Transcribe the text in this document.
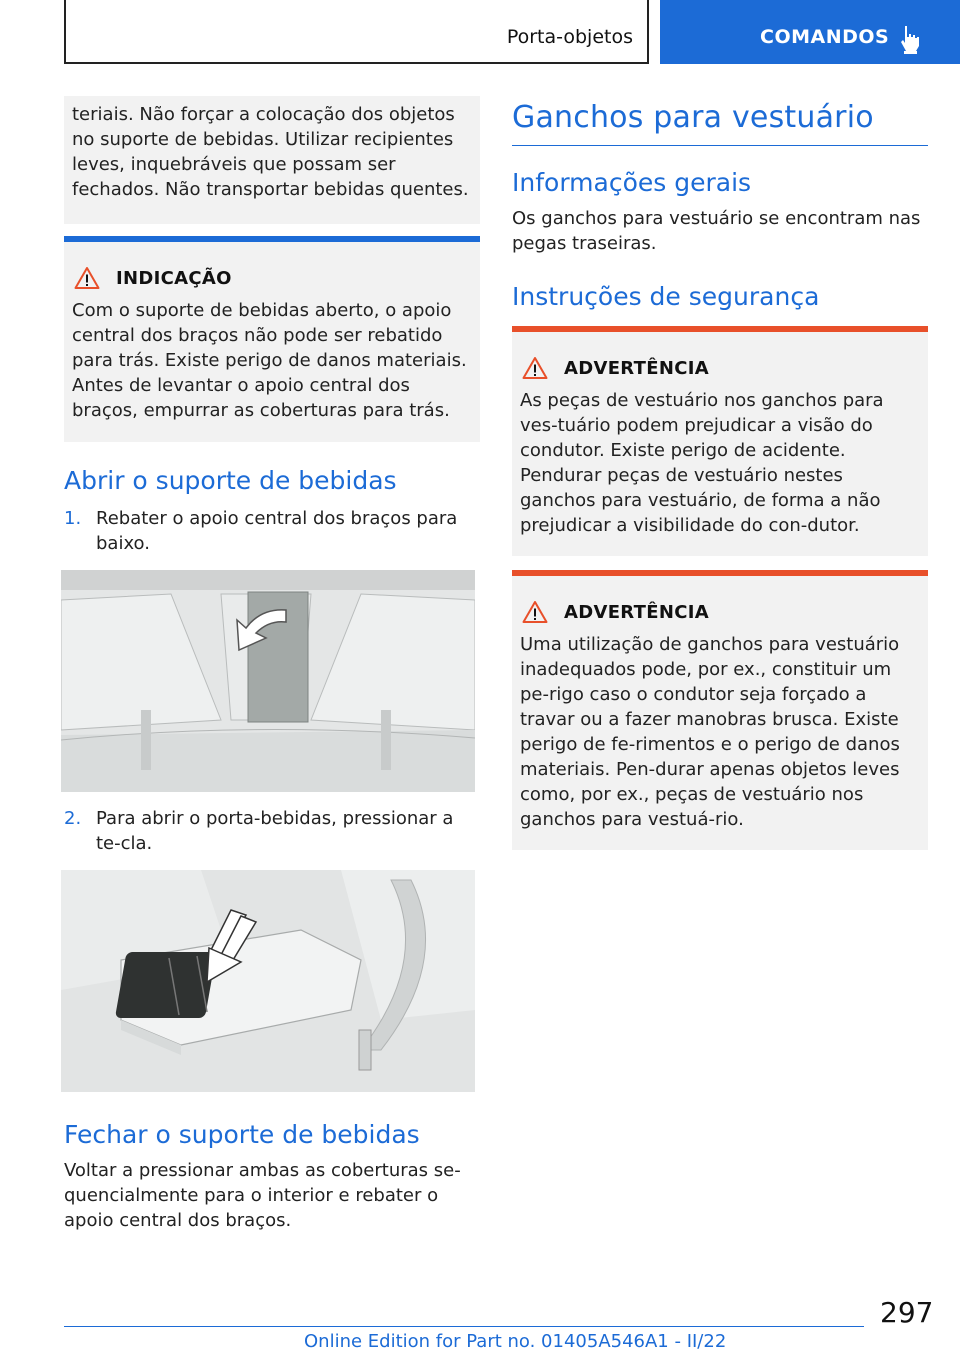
Porta-objetos	COMANDOS

teriais. Não forçar a colocação dos objetos no suporte de bebidas. Utilizar recipientes leves, inquebráveis que possam ser fechados. Não transportar bebidas quentes.

INDICAÇÃO

Com o suporte de bebidas aberto, o apoio central dos braços não pode ser rebatido para trás. Existe perigo de danos materiais. Antes de levantar o apoio central dos braços, empurrar as coberturas para trás.

Abrir o suporte de bebidas
1. Rebater o apoio central dos braços para baixo.
2. Para abrir o porta-bebidas, pressionar a te-cla.
Fechar o suporte de bebidas

Voltar a pressionar ambas as coberturas se-quencialmente para o interior e rebater o apoio central dos braços.

Ganchos para vestuário
Informações gerais

Os ganchos para vestuário se encontram nas pegas traseiras.

Instruções de segurança
ADVERTÊNCIA

As peças de vestuário nos ganchos para ves-tuário podem prejudicar a visão do condutor. Existe perigo de acidente. Pendurar peças de vestuário nestes ganchos para vestuário, de forma a não prejudicar a visibilidade do con-dutor.

ADVERTÊNCIA

Uma utilização de ganchos para vestuário inadequados pode, por ex., constituir um pe-rigo caso o condutor seja forçado a travar ou a fazer manobras brusca. Existe perigo de fe-rimentos e o perigo de danos materiais. Pen-durar apenas objetos leves como, por ex., peças de vestuário nos ganchos para vestuá-rio.

297
Online Edition for Part no. 01405A546A1 - II/22
